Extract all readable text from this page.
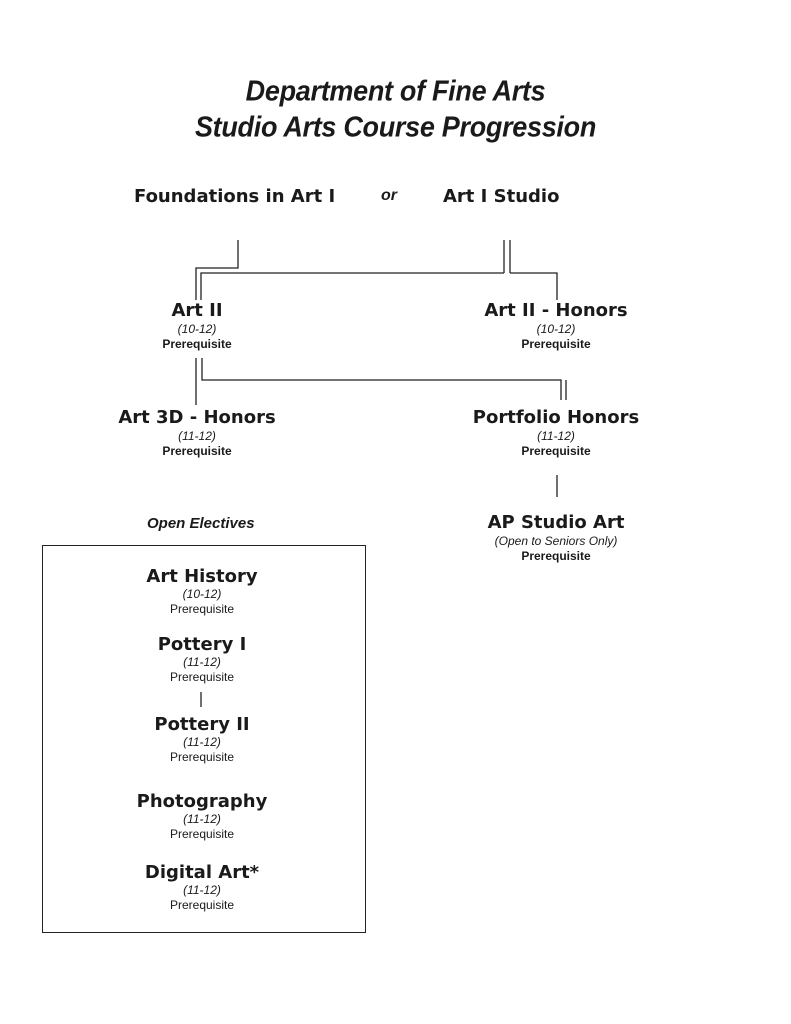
Department of Fine Arts
Studio Arts Course Progression
Foundations in Art I	or	Art I Studio
Art II
(10-12)
Prerequisite
Art II - Honors
(10-12)
Prerequisite
Art 3D - Honors
(11-12)
Prerequisite
Portfolio Honors
(11-12)
Prerequisite
AP Studio Art
(Open to Seniors Only)
Prerequisite
Open Electives
Art History
(10-12)
Prerequisite
Pottery I
(11-12)
Prerequisite
Pottery II
(11-12)
Prerequisite
Photography
(11-12)
Prerequisite
Digital Art*
(11-12)
Prerequisite
